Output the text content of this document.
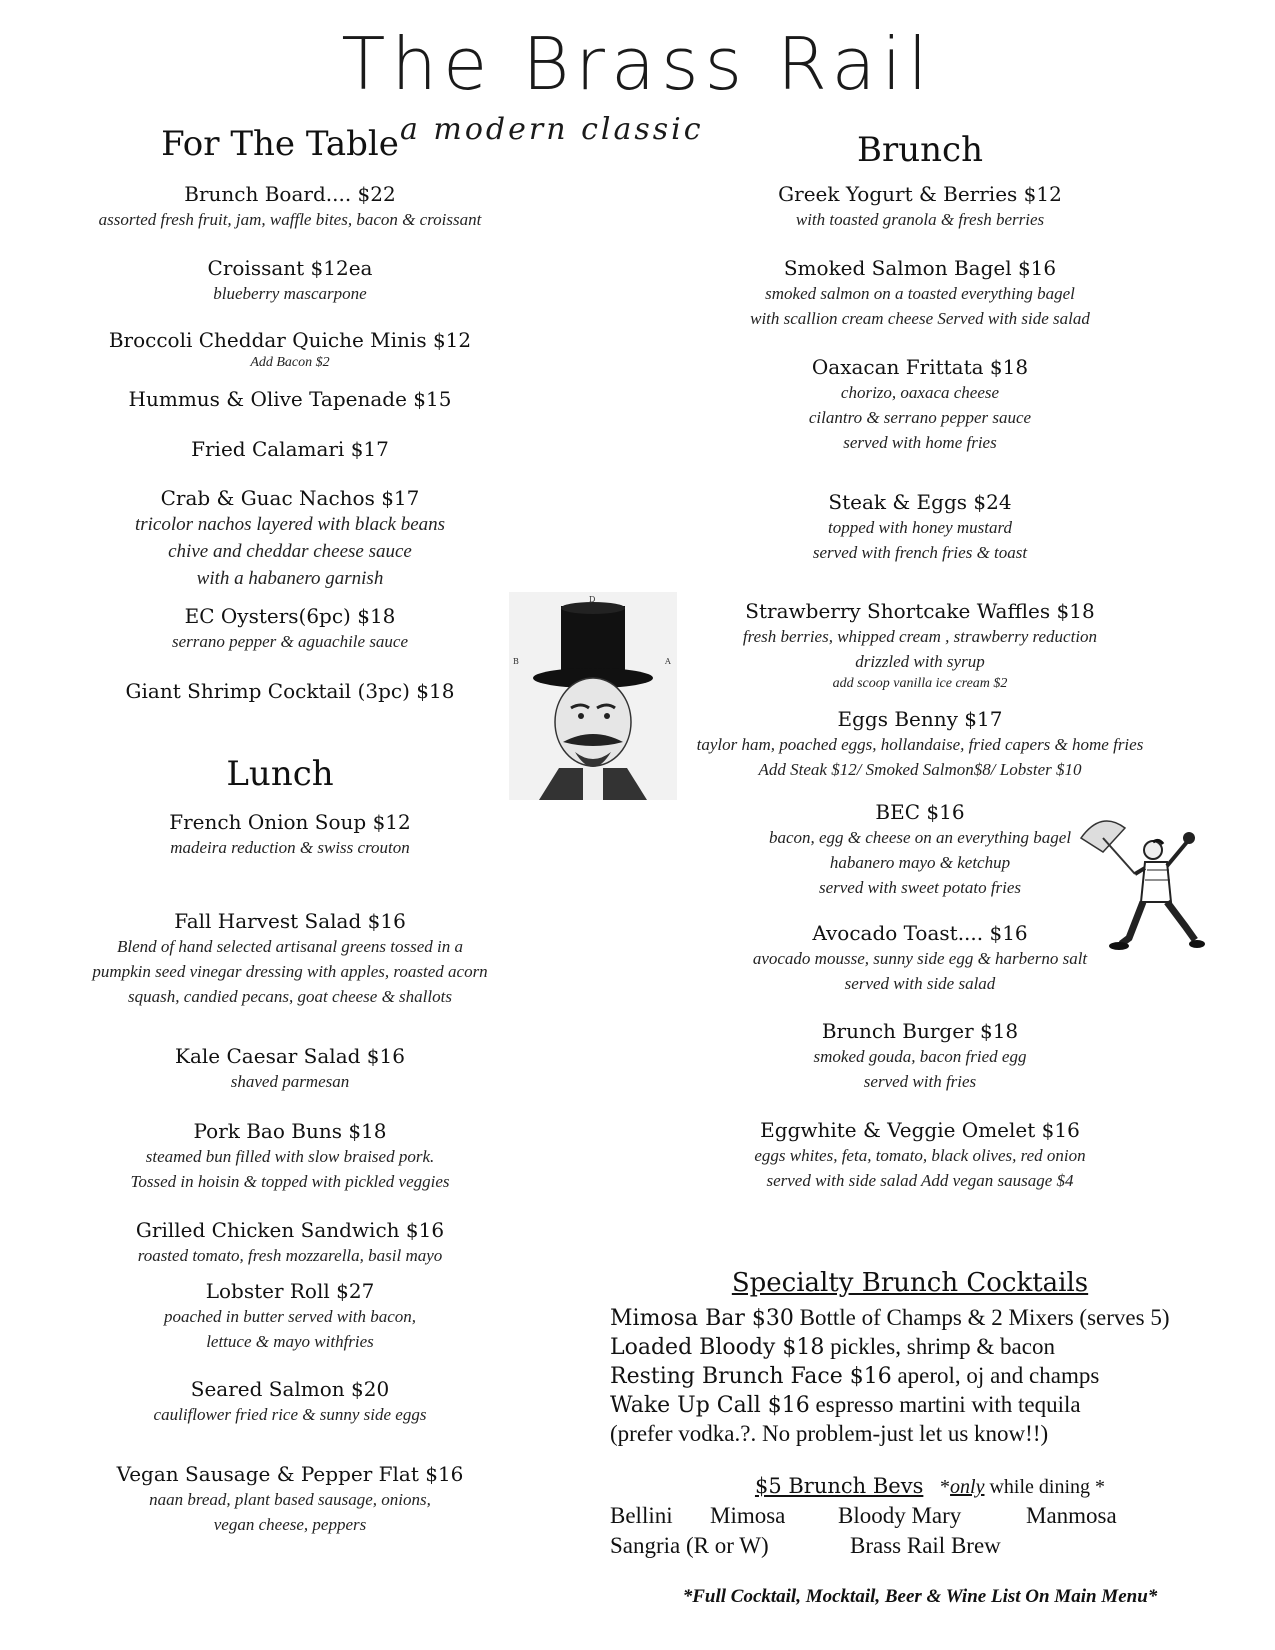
The Brass Rail
a modern classic
For The Table
Brunch Board.... $22
assorted fresh fruit, jam, waffle bites, bacon & croissant
Croissant $12ea
blueberry mascarpone
Broccoli Cheddar Quiche Minis $12
Add Bacon $2
Hummus & Olive Tapenade $15
Fried Calamari $17
Crab & Guac Nachos $17
tricolor nachos layered with black beans
chive and cheddar cheese sauce
with a habanero garnish
EC Oysters(6pc) $18
serrano pepper & aguachile sauce
Giant Shrimp Cocktail (3pc) $18
Lunch
French Onion Soup $12
madeira reduction & swiss crouton
Fall Harvest Salad $16
Blend of hand selected artisanal greens tossed in a
pumpkin seed vinegar dressing with apples, roasted acorn
squash, candied pecans, goat cheese & shallots
Kale Caesar Salad $16
shaved parmesan
Pork Bao Buns $18
steamed bun filled with slow braised pork.
Tossed in hoisin & topped with pickled veggies
Grilled Chicken Sandwich $16
roasted tomato, fresh mozzarella, basil mayo
Lobster Roll $27
poached in butter served with bacon,
lettuce & mayo withfries
Seared Salmon $20
cauliflower fried rice & sunny side eggs
Vegan Sausage & Pepper Flat $16
naan bread, plant based sausage, onions,
vegan cheese, peppers
Brunch
Greek Yogurt & Berries $12
with toasted granola & fresh berries
Smoked Salmon Bagel $16
smoked salmon on a toasted everything bagel
with scallion cream cheese Served with side salad
Oaxacan Frittata $18
chorizo, oaxaca cheese
cilantro & serrano pepper sauce
served with home fries
Steak & Eggs $24
topped with honey mustard
served with french fries & toast
Strawberry Shortcake Waffles $18
fresh berries, whipped cream , strawberry reduction
drizzled with syrup
add scoop vanilla ice cream $2
Eggs Benny $17
taylor ham, poached eggs, hollandaise, fried capers & home fries
Add Steak $12/ Smoked Salmon$8/ Lobster $10
BEC $16
bacon, egg & cheese on an everything bagel
habanero mayo & ketchup
served with sweet potato fries
Avocado Toast.... $16
avocado mousse, sunny side egg & harberno salt
served with side salad
Brunch Burger $18
smoked gouda, bacon fried egg
served with fries
Eggwhite & Veggie Omelet $16
eggs whites, feta, tomato, black olives, red onion
served with side salad Add vegan sausage $4
D
B	A
Specialty Brunch Cocktails
Mimosa Bar $30 Bottle of Champs & 2 Mixers (serves 5)
Loaded Bloody $18 pickles, shrimp & bacon
Resting Brunch Face $16 aperol, oj and champs
Wake Up Call $16 espresso martini with tequila
(prefer vodka.?. No problem-just let us know!!)
$5 Brunch Bevs *only while dining *
Bellini Mimosa Bloody Mary	Manmosa
Sangria (R or W)	Brass Rail Brew
*Full Cocktail, Mocktail, Beer & Wine List On Main Menu*
